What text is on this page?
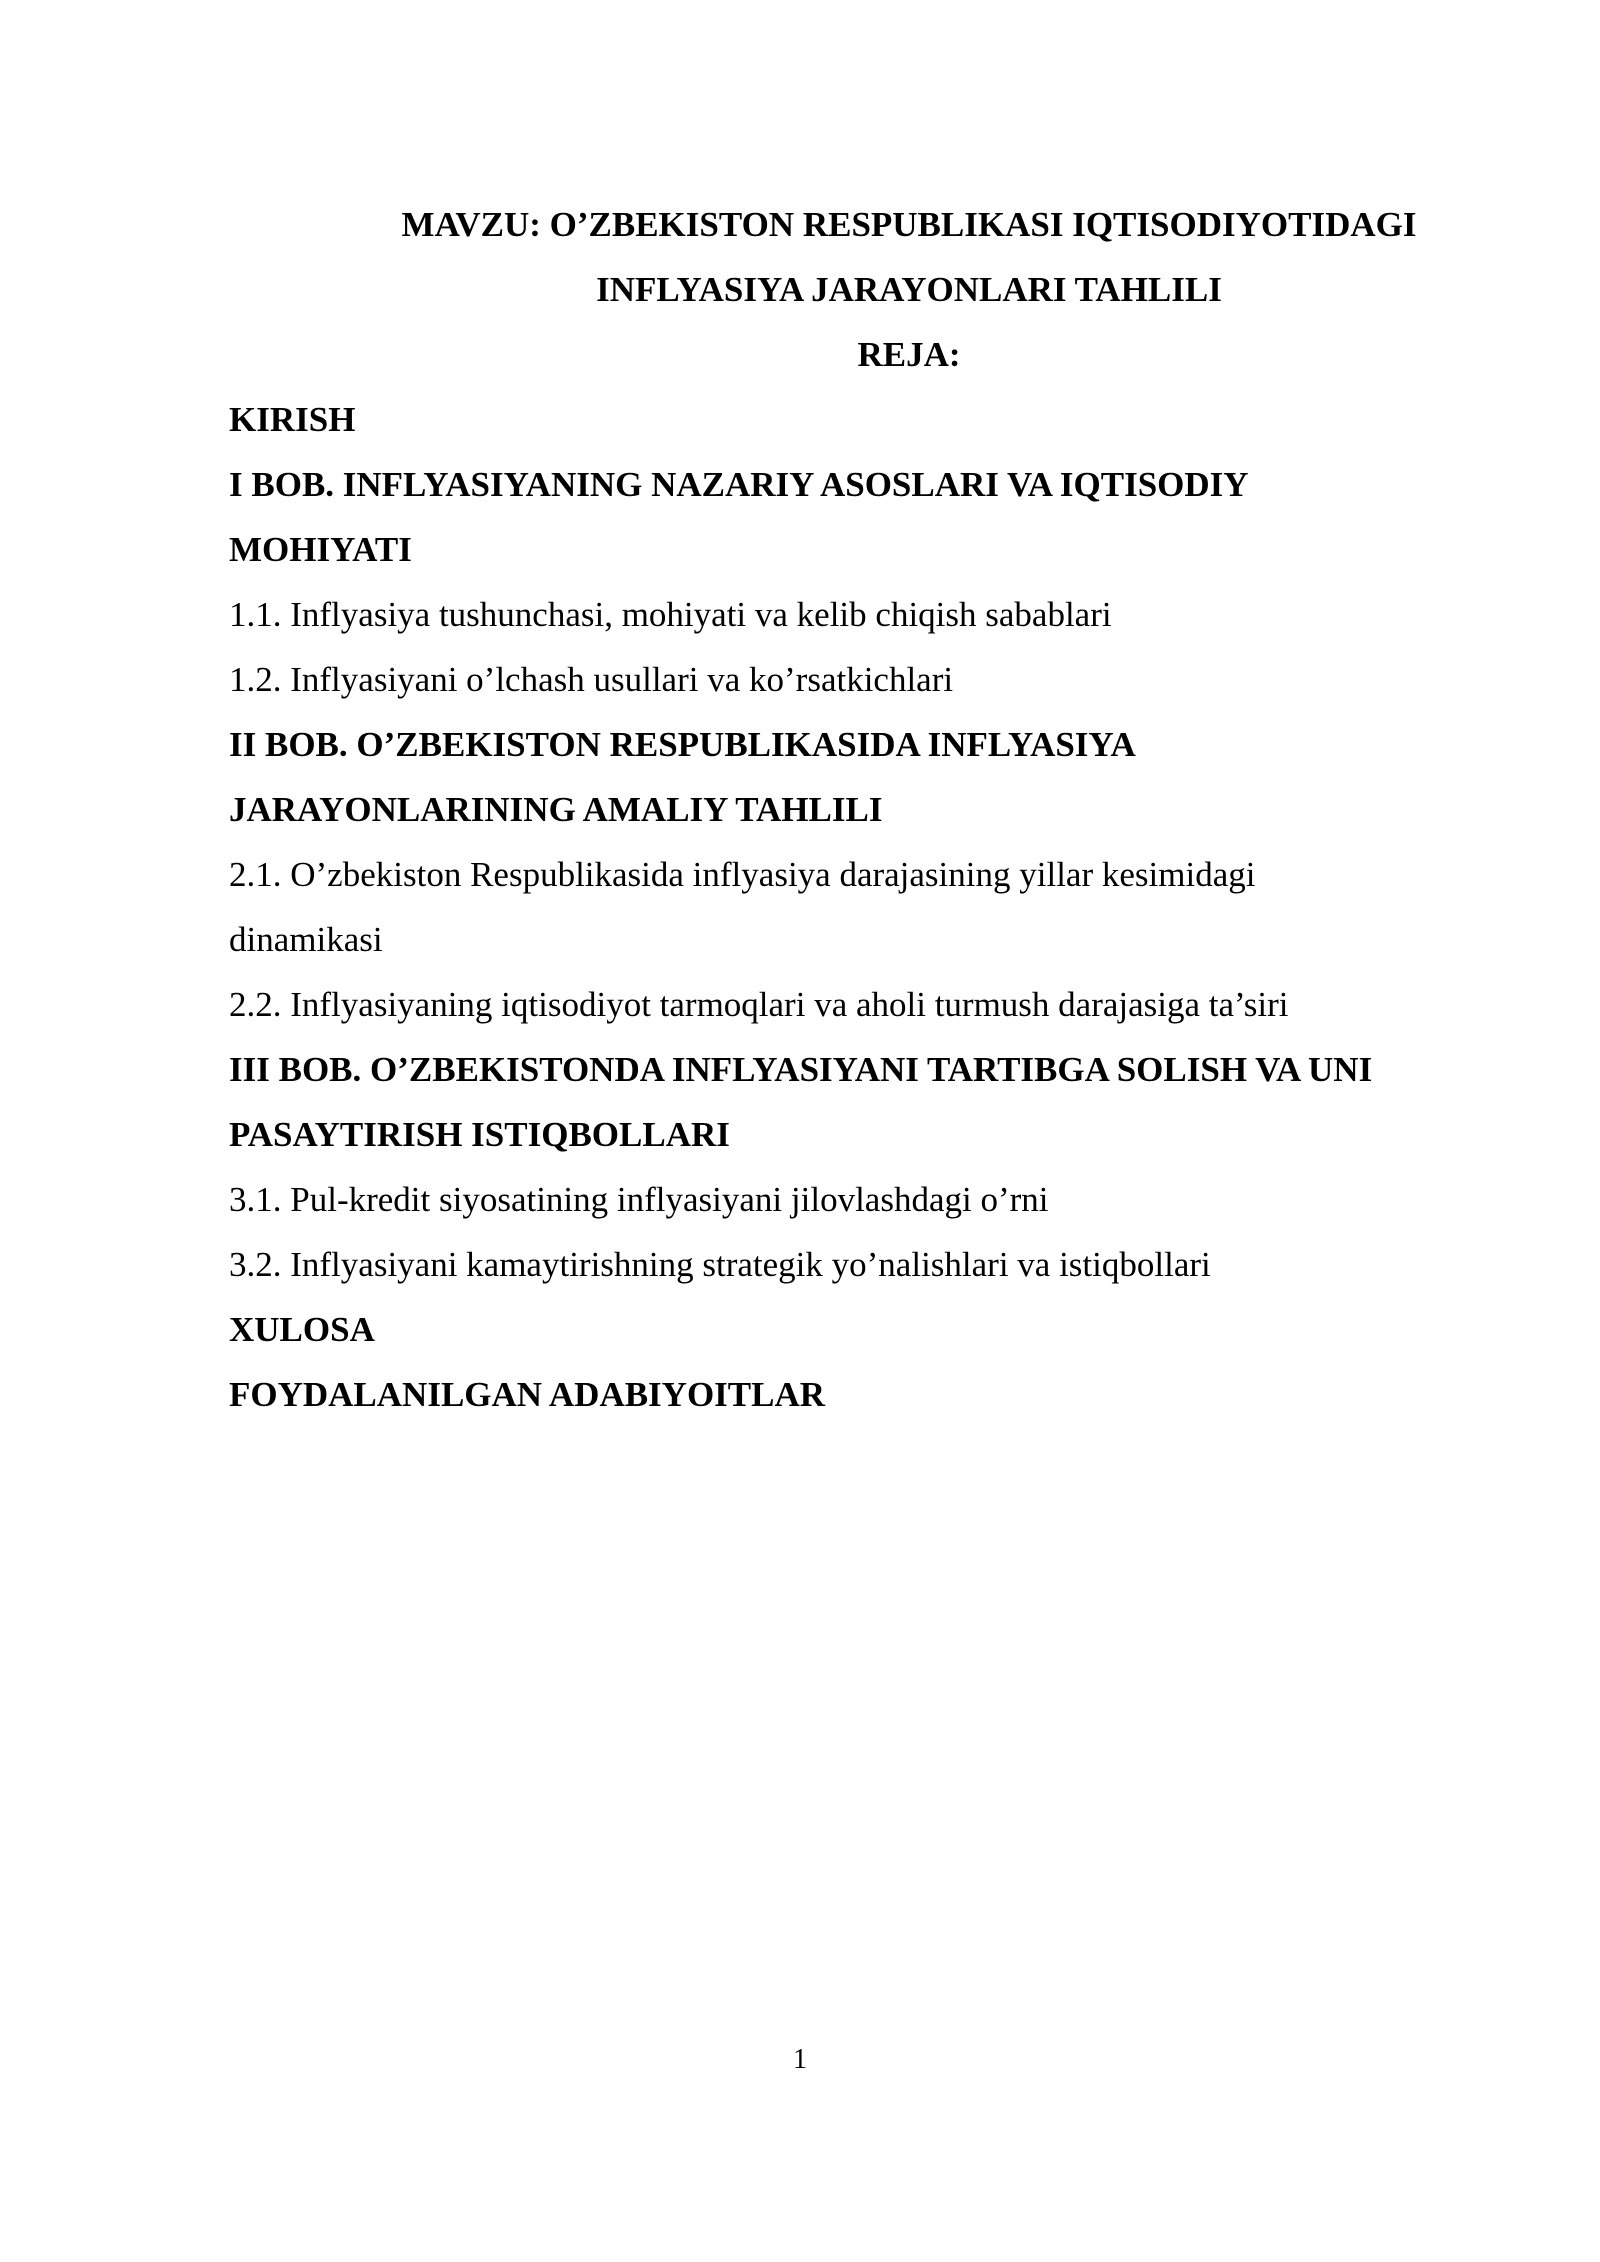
MAVZU: O’ZBEKISTON RESPUBLIKASI IQTISODIYOTIDAGI

INFLYASIYA JARAYONLARI TAHLILI

REJA:

KIRISH

I BOB. INFLYASIYANING NAZARIY ASOSLARI VA IQTISODIY

MOHIYATI

1.1. Inflyasiya tushunchasi, mohiyati va kelib chiqish sabablari

1.2. Inflyasiyani o’lchash usullari va ko’rsatkichlari

II BOB. O’ZBEKISTON RESPUBLIKASIDA INFLYASIYA

JARAYONLARINING AMALIY TAHLILI

2.1. O’zbekiston Respublikasida inflyasiya darajasining yillar kesimidagi

dinamikasi

2.2. Inflyasiyaning iqtisodiyot tarmoqlari va aholi turmush darajasiga ta’siri

III BOB. O’ZBEKISTONDA INFLYASIYANI TARTIBGA SOLISH VA UNI

PASAYTIRISH ISTIQBOLLARI

3.1. Pul-kredit siyosatining inflyasiyani jilovlashdagi o’rni

3.2. Inflyasiyani kamaytirishning strategik yo’nalishlari va istiqbollari

XULOSA

FOYDALANILGAN ADABIYOITLAR

1
